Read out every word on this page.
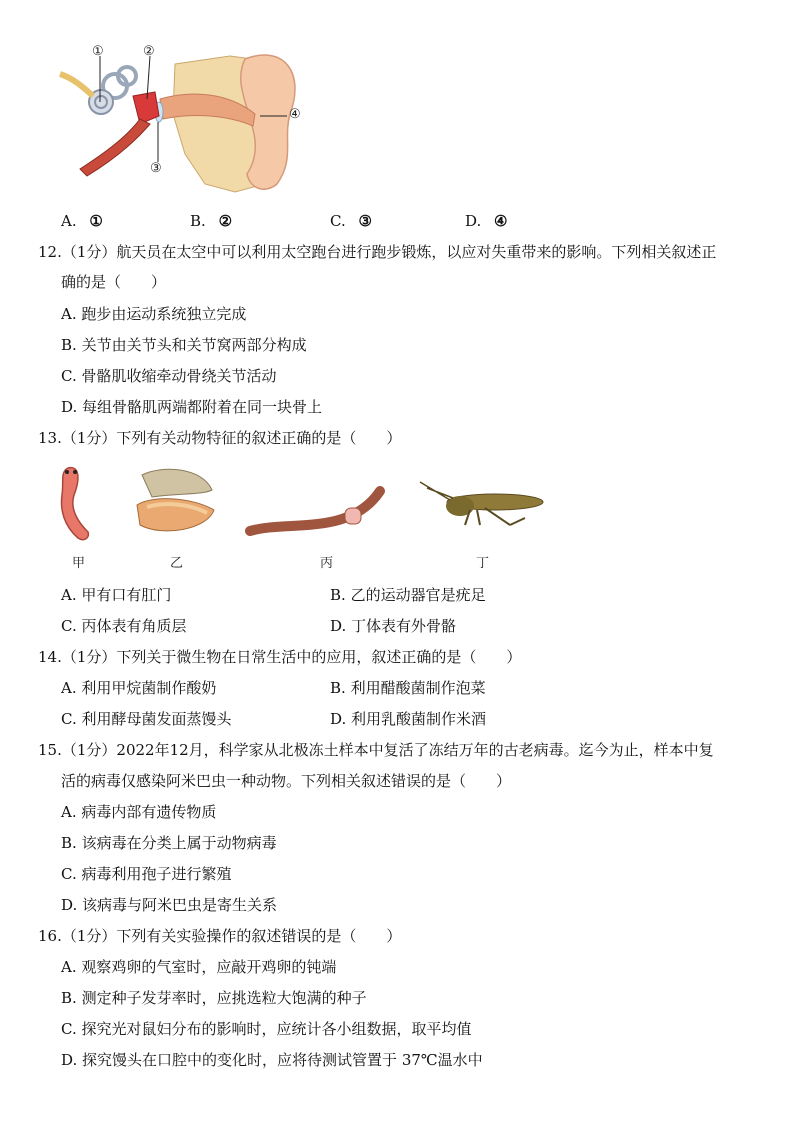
①	②
③
④
A. ①	B. ②	C. ③	D. ④
12.（1分）航天员在太空中可以利用太空跑台进行跑步锻炼，以应对失重带来的影响。下列相关叙述正
确的是（　　）
A. 跑步由运动系统独立完成
B. 关节由关节头和关节窝两部分构成
C. 骨骼肌收缩牵动骨绕关节活动
D. 每组骨骼肌两端都附着在同一块骨上
13.（1分）下列有关动物特征的叙述正确的是（　　）
甲	乙	丙	丁
A. 甲有口有肛门	B. 乙的运动器官是疣足
C. 丙体表有角质层	D. 丁体表有外骨骼
14.（1分）下列关于微生物在日常生活中的应用，叙述正确的是（　　）
A. 利用甲烷菌制作酸奶	B. 利用醋酸菌制作泡菜
C. 利用酵母菌发面蒸馒头	D. 利用乳酸菌制作米酒
15.（1分）2022年12月，科学家从北极冻土样本中复活了冻结万年的古老病毒。迄今为止，样本中复
活的病毒仅感染阿米巴虫一种动物。下列相关叙述错误的是（　　）
A. 病毒内部有遗传物质
B. 该病毒在分类上属于动物病毒
C. 病毒利用孢子进行繁殖
D. 该病毒与阿米巴虫是寄生关系
16.（1分）下列有关实验操作的叙述错误的是（　　）
A. 观察鸡卵的气室时，应敲开鸡卵的钝端
B. 测定种子发芽率时，应挑选粒大饱满的种子
C. 探究光对鼠妇分布的影响时，应统计各小组数据，取平均值
D. 探究馒头在口腔中的变化时，应将待测试管置于 37℃温水中
